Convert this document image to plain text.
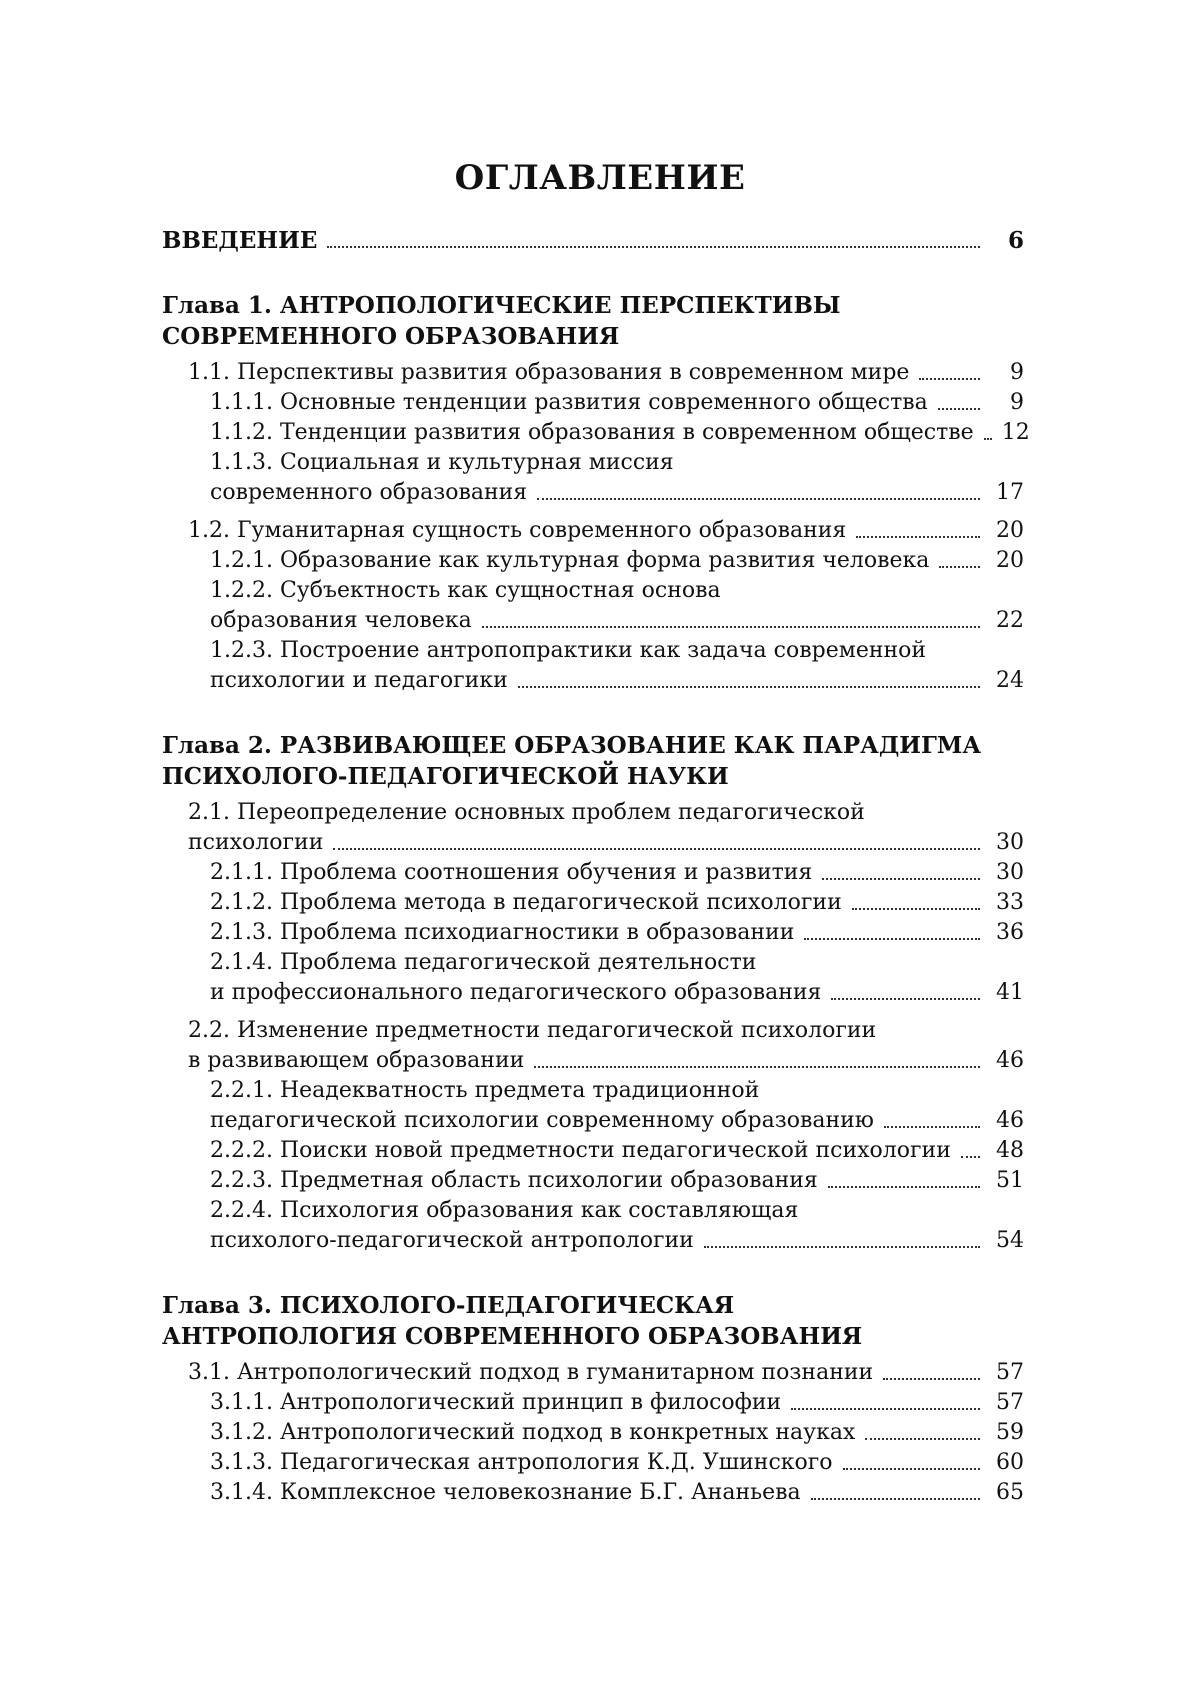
ОГЛАВЛЕНИЕ
ВВЕДЕНИЕ	6
Глава 1. АНТРОПОЛОГИЧЕСКИЕ ПЕРСПЕКТИВЫ
СОВРЕМЕННОГО ОБРАЗОВАНИЯ
1.1. Перспективы развития образования в современном мире	9
1.1.1. Основные тенденции развития современного общества	9
1.1.2. Тенденции развития образования в современном обществе 12
1.1.3. Социальная и культурная миссия
современного образования	17
1.2. Гуманитарная сущность современного образования	20
1.2.1. Образование как культурная форма развития человека	20
1.2.2. Субъектность как сущностная основа
образования человека	22
1.2.3. Построение антропопрактики как задача современной
психологии и педагогики	24
Глава 2. РАЗВИВАЮЩЕЕ ОБРАЗОВАНИЕ КАК ПАРАДИГМА
ПСИХОЛОГО-ПЕДАГОГИЧЕСКОЙ НАУКИ
2.1. Переопределение основных проблем педагогической
психологии	30
2.1.1. Проблема соотношения обучения и развития	30
2.1.2. Проблема метода в педагогической психологии	33
2.1.3. Проблема психодиагностики в образовании	36
2.1.4. Проблема педагогической деятельности
и профессионального педагогического образования	41
2.2. Изменение предметности педагогической психологии
в развивающем образовании	46
2.2.1. Неадекватность предмета традиционной
педагогической психологии современному образованию	46
2.2.2. Поиски новой предметности педагогической психологии 48
2.2.3. Предметная область психологии образования	51
2.2.4. Психология образования как составляющая
психолого-педагогической антропологии	54
Глава 3. ПСИХОЛОГО-ПЕДАГОГИЧЕСКАЯ
АНТРОПОЛОГИЯ СОВРЕМЕННОГО ОБРАЗОВАНИЯ
3.1. Антропологический подход в гуманитарном познании	57
3.1.1. Антропологический принцип в философии	57
3.1.2. Антропологический подход в конкретных науках	59
3.1.3. Педагогическая антропология К.Д. Ушинского	60
3.1.4. Комплексное человекознание Б.Г. Ананьева	65
